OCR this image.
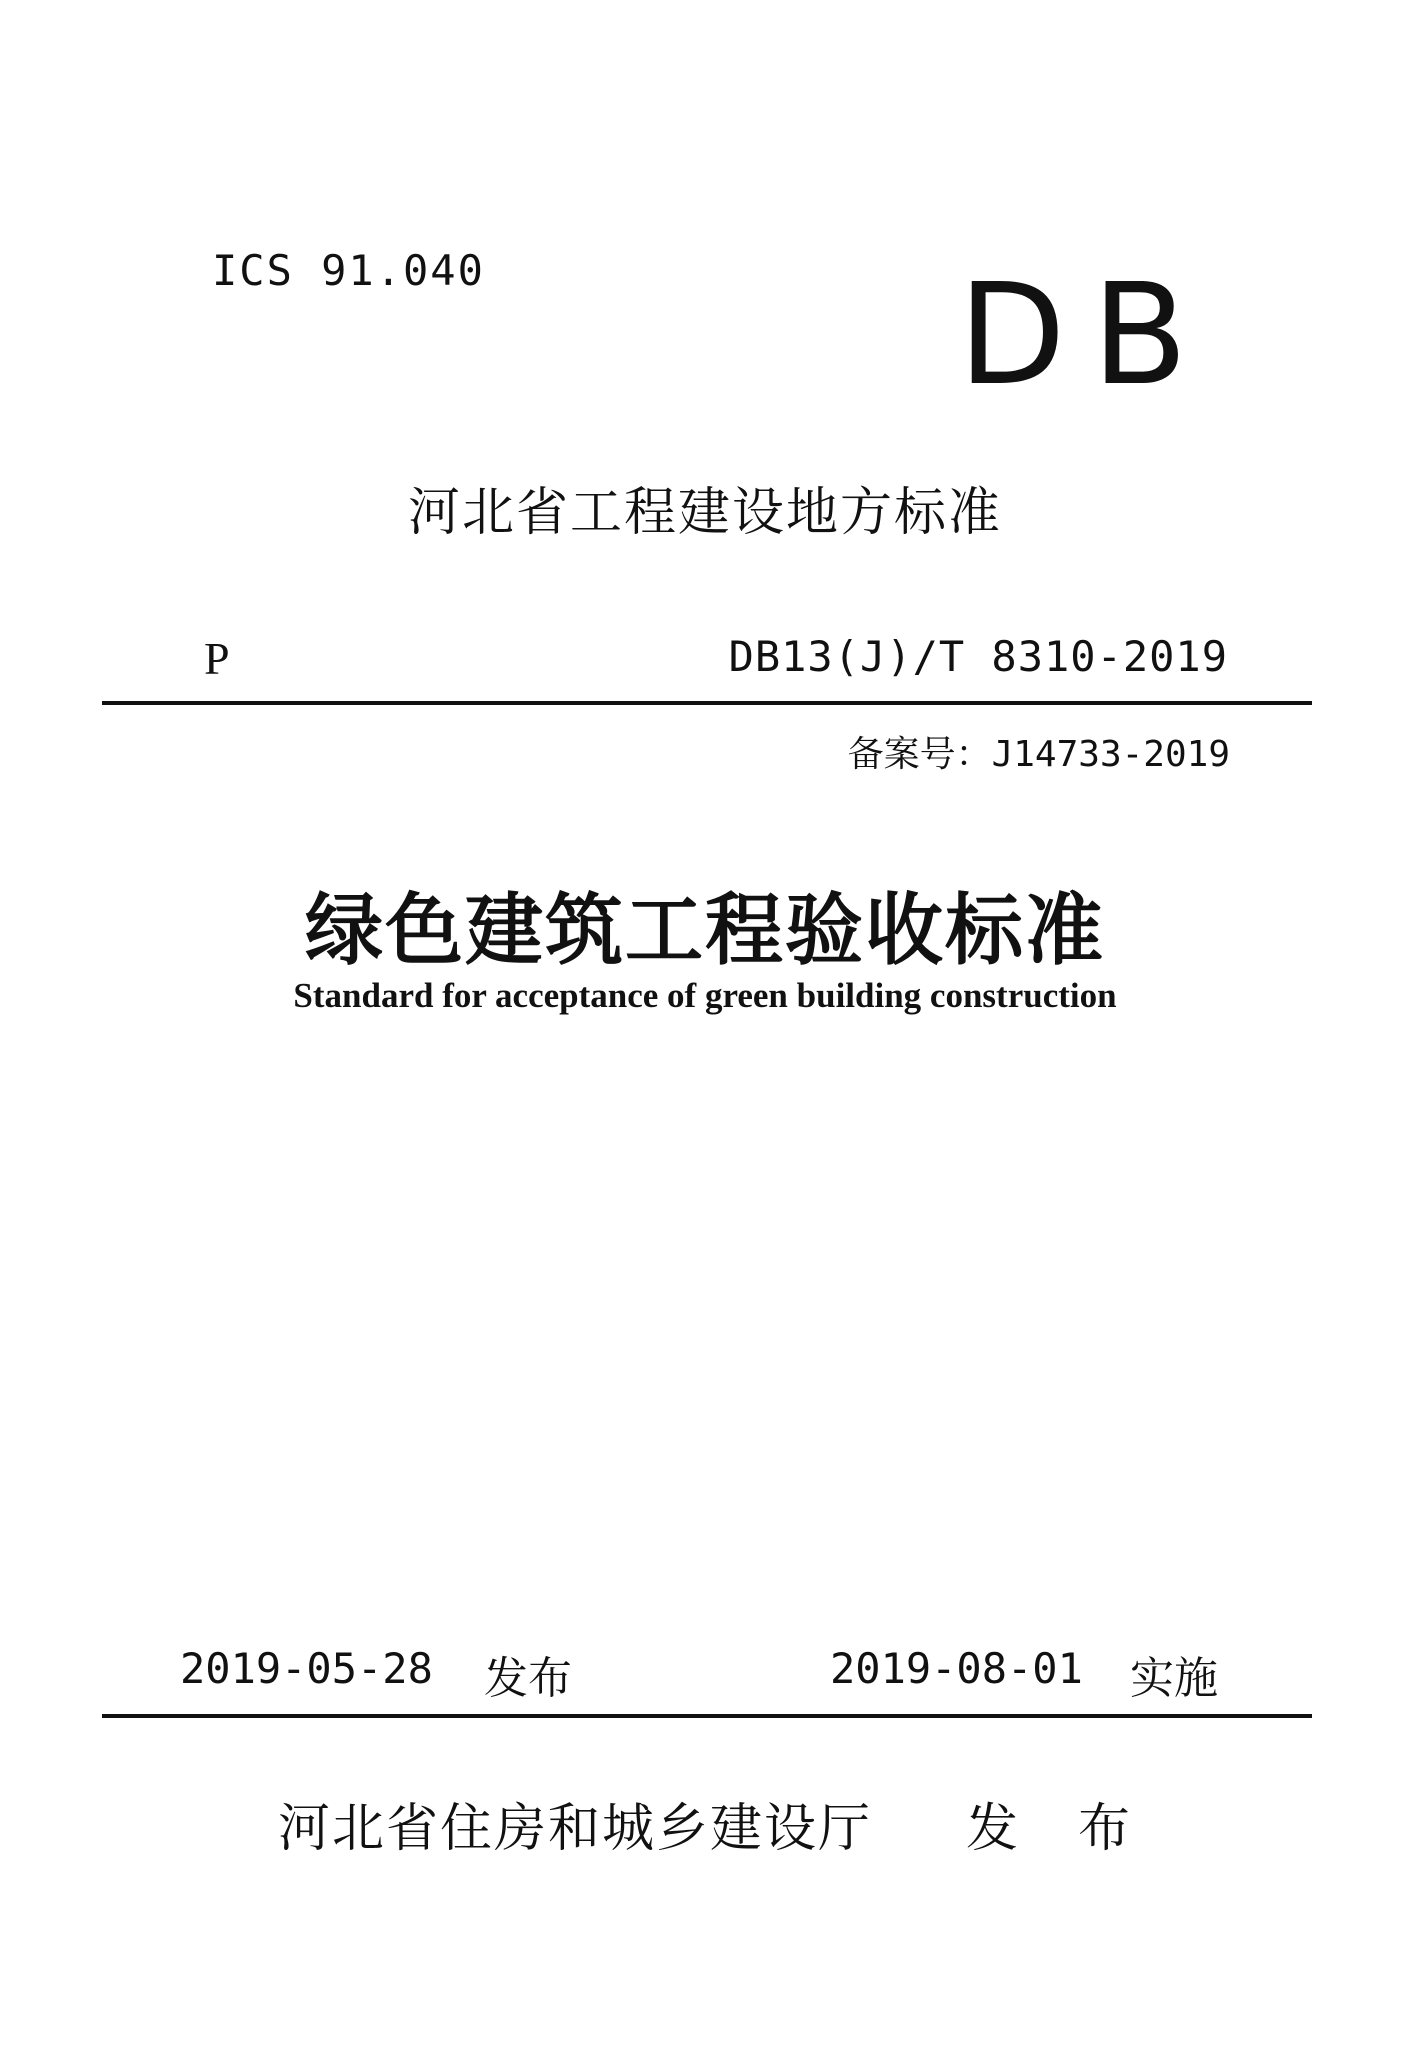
ICS 91.040	DB
河北省工程建设地方标准
P	DB13(J)/T 8310-2019
备案号：J14733-2019
绿色建筑工程验收标准
Standard for acceptance of green building construction
2019-05-28 发布	2019-08-01 实施
河北省住房和城乡建设厅 发 布
